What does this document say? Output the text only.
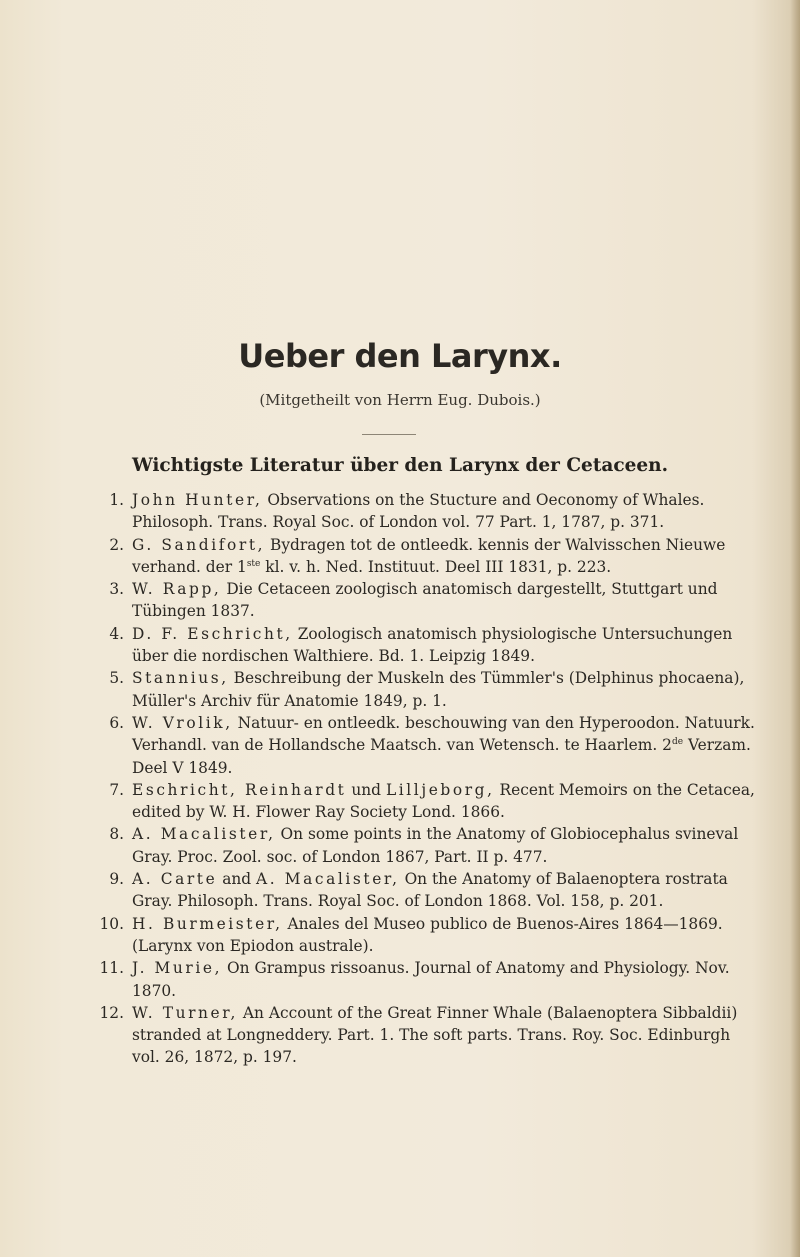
Ueber den Larynx.

(Mitgetheilt von Herrn Eug. Dubois.)

Wichtigste Literatur über den Larynx der Cetaceen.
1. John Hunter, Observations on the Stucture and Oeconomy of Whales. Philosoph. Trans. Royal Soc. of London vol. 77 Part. 1, 1787, p. 371.
2. G. Sandifort, Bydragen tot de ontleedk. kennis der Walvisschen Nieuwe verhand. der 1ste kl. v. h. Ned. Instituut. Deel III 1831, p. 223.
3. W. Rapp, Die Cetaceen zoologisch anatomisch dargestellt, Stuttgart und Tübingen 1837.
4. D. F. Eschricht, Zoologisch anatomisch physiologische Untersuchungen über die nordischen Walthiere. Bd. 1. Leipzig 1849.
5. Stannius, Beschreibung der Muskeln des Tümmler's (Delphinus phocaena), Müller's Archiv für Anatomie 1849, p. 1.
6. W. Vrolik, Natuur- en ontleedk. beschouwing van den Hyperoodon. Natuurk. Verhandl. van de Hollandsche Maatsch. van Wetensch. te Haarlem. 2de Verzam. Deel V 1849.
7. Eschricht, Reinhardt und Lilljeborg, Recent Memoirs on the Cetacea, edited by W. H. Flower Ray Society Lond. 1866.
8. A. Macalister, On some points in the Anatomy of Globiocephalus svineval Gray. Proc. Zool. soc. of London 1867, Part. II p. 477.
9. A. Carte and A. Macalister, On the Anatomy of Balaenoptera rostrata Gray. Philosoph. Trans. Royal Soc. of London 1868. Vol. 158, p. 201.
10. H. Burmeister, Anales del Museo publico de Buenos-Aires 1864—1869. (Larynx von Epiodon australe).
11. J. Murie, On Grampus rissoanus. Journal of Anatomy and Physiology. Nov. 1870.
12. W. Turner, An Account of the Great Finner Whale (Balaenoptera Sibbaldii) stranded at Longneddery. Part. 1. The soft parts. Trans. Roy. Soc. Edinburgh vol. 26, 1872, p. 197.
